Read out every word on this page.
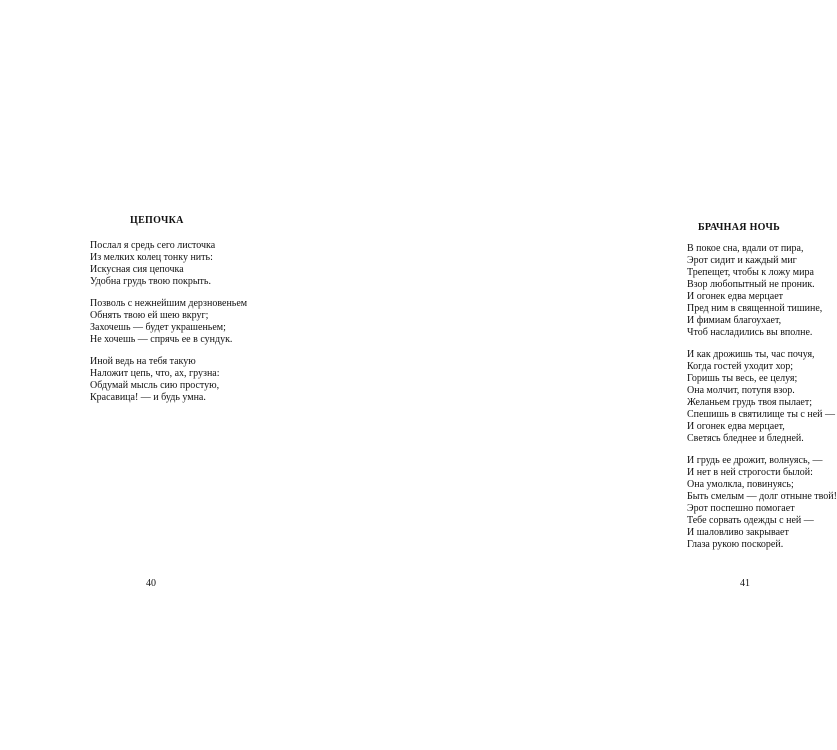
ЦЕПОЧКА
Послал я средь сего листочка
Из мелких колец тонку нить:
Искусная сия цепочка
Удобна грудь твою покрыть.
Позволь с нежнейшим дерзновеньем
Обнять твою ей шею вкруг;
Захочешь — будет украшеньем;
Не хочешь — спрячь ее в сундук.
Иной ведь на тебя такую
Наложит цепь, что, ах, грузна:
Обдумай мысль сию простую,
Красавица! — и будь умна.
40
БРАЧНАЯ НОЧЬ
В покое сна, вдали от пира,
Эрот сидит и каждый миг
Трепещет, чтобы к ложу мира
Взор любопытный не проник.
И огонек едва мерцает
Пред ним в священной тишине,
И фимиам благоухает,
Чтоб насладились вы вполне.
И как дрожишь ты, час почуя,
Когда гостей уходит хор;
Горишь ты весь, ее целуя;
Она молчит, потупя взор.
Желаньем грудь твоя пылает;
Спешишь в святилище ты с ней —
И огонек едва мерцает,
Светясь бледнее и бледней.
И грудь ее дрожит, волнуясь, —
И нет в ней строгости былой:
Она умолкла, повинуясь;
Быть смелым — долг отныне твой!
Эрот поспешно помогает
Тебе сорвать одежды с ней —
И шаловливо закрывает
Глаза рукою поскорей.
41
